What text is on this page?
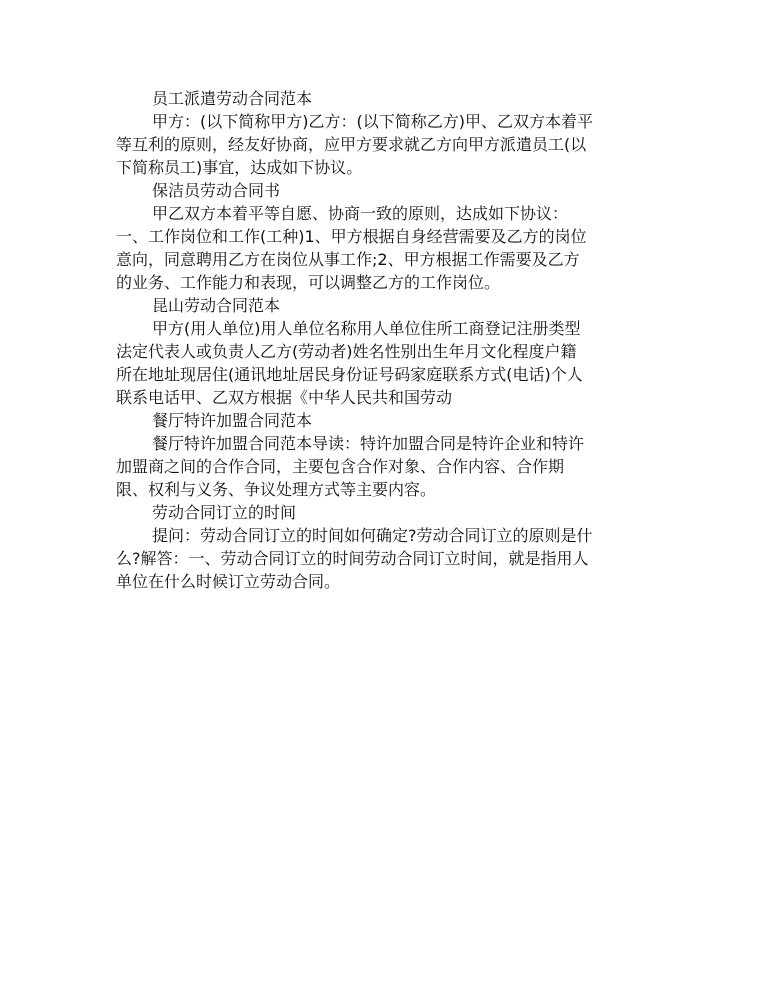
员工派遣劳动合同范本
甲方：(以下简称甲方)乙方：(以下简称乙方)甲、乙双方本着平
等互利的原则，经友好协商，应甲方要求就乙方向甲方派遣员工(以
下简称员工)事宜，达成如下协议。
保洁员劳动合同书
甲乙双方本着平等自愿、协商一致的原则，达成如下协议：
一、工作岗位和工作(工种)1、甲方根据自身经营需要及乙方的岗位
意向，同意聘用乙方在岗位从事工作;2、甲方根据工作需要及乙方
的业务、工作能力和表现，可以调整乙方的工作岗位。
昆山劳动合同范本
甲方(用人单位)用人单位名称用人单位住所工商登记注册类型
法定代表人或负责人乙方(劳动者)姓名性别出生年月文化程度户籍
所在地址现居住(通讯地址居民身份证号码家庭联系方式(电话)个人
联系电话甲、乙双方根据《中华人民共和国劳动
餐厅特许加盟合同范本
餐厅特许加盟合同范本导读：特许加盟合同是特许企业和特许
加盟商之间的合作合同，主要包含合作对象、合作内容、合作期
限、权利与义务、争议处理方式等主要内容。
劳动合同订立的时间
提问：劳动合同订立的时间如何确定?劳动合同订立的原则是什
么?解答：一、劳动合同订立的时间劳动合同订立时间，就是指用人
单位在什么时候订立劳动合同。
